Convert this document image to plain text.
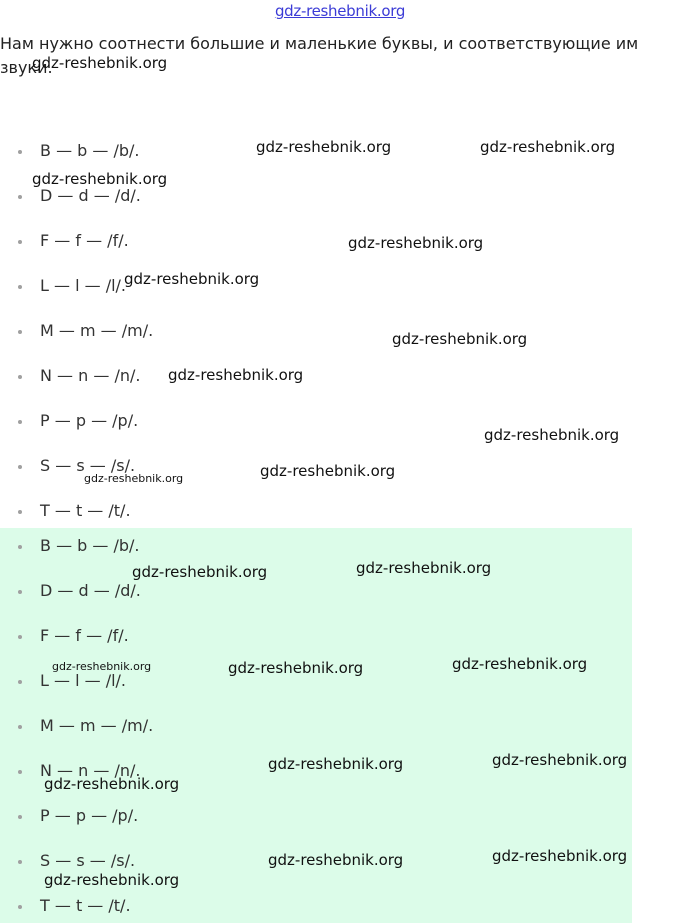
gdz-reshebnik.org
Нам нужно соотнести большие и маленькие буквы, и соответствующие им звуки.
B — b — /b/.
D — d — /d/.
F — f — /f/.
L — l — /l/.
M — m — /m/.
N — n — /n/.
P — p — /p/.
S — s — /s/.
T — t — /t/.
B — b — /b/.
D — d — /d/.
F — f — /f/.
L — l — /l/.
M — m — /m/.
N — n — /n/.
P — p — /p/.
S — s — /s/.
T — t — /t/.
gdz-reshebnik.org
gdz-reshebnik.org	gdz-reshebnik.org
gdz-reshebnik.org
gdz-reshebnik.org
gdz-reshebnik.org
gdz-reshebnik.org
gdz-reshebnik.org
gdz-reshebnik.org
gdz-reshebnik.org
gdz-reshebnik.org
gdz-reshebnik.org	gdz-reshebnik.org
gdz-reshebnik.org	gdz-reshebnik.org	gdz-reshebnik.org
gdz-reshebnik.org	gdz-reshebnik.org
gdz-reshebnik.org
gdz-reshebnik.org	gdz-reshebnik.org
gdz-reshebnik.org
